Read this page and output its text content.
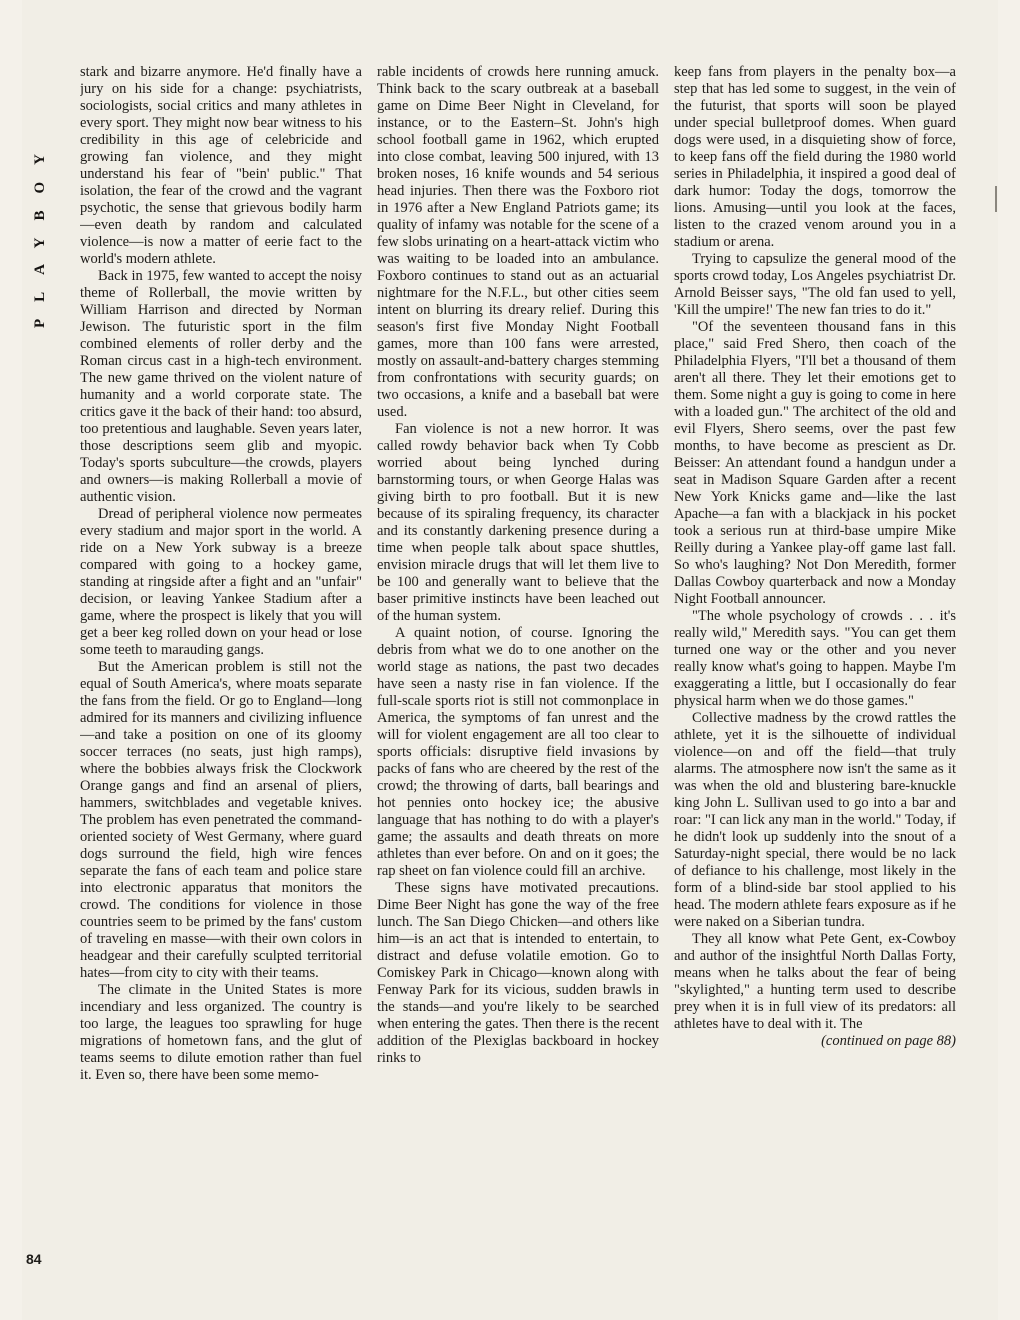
PLAYBOY

stark and bizarre anymore. He'd finally have a jury on his side for a change: psychiatrists, sociologists, social critics and many athletes in every sport. They might now bear witness to his credibility in this age of celebricide and growing fan violence, and they might understand his fear of "bein' public." That isolation, the fear of the crowd and the vagrant psychotic, the sense that grievous bodily harm—even death by random and calculated violence—is now a matter of eerie fact to the world's modern athlete.

Back in 1975, few wanted to accept the noisy theme of Rollerball, the movie written by William Harrison and directed by Norman Jewison. The futuristic sport in the film combined elements of roller derby and the Roman circus cast in a high-tech environment. The new game thrived on the violent nature of humanity and a world corporate state. The critics gave it the back of their hand: too absurd, too pretentious and laughable. Seven years later, those descriptions seem glib and myopic. Today's sports subculture—the crowds, players and owners—is making Rollerball a movie of authentic vision.

Dread of peripheral violence now permeates every stadium and major sport in the world. A ride on a New York subway is a breeze compared with going to a hockey game, standing at ringside after a fight and an "unfair" decision, or leaving Yankee Stadium after a game, where the prospect is likely that you will get a beer keg rolled down on your head or lose some teeth to marauding gangs.

But the American problem is still not the equal of South America's, where moats separate the fans from the field. Or go to England—long admired for its manners and civilizing influence—and take a position on one of its gloomy soccer terraces (no seats, just high ramps), where the bobbies always frisk the Clockwork Orange gangs and find an arsenal of pliers, hammers, switchblades and vegetable knives. The problem has even penetrated the command-oriented society of West Germany, where guard dogs surround the field, high wire fences separate the fans of each team and police stare into electronic apparatus that monitors the crowd. The conditions for violence in those countries seem to be primed by the fans' custom of traveling en masse—with their own colors in headgear and their carefully sculpted territorial hates—from city to city with their teams.

The climate in the United States is more incendiary and less organized. The country is too large, the leagues too sprawling for huge migrations of hometown fans, and the glut of teams seems to dilute emotion rather than fuel it. Even so, there have been some memo-

rable incidents of crowds here running amuck. Think back to the scary outbreak at a baseball game on Dime Beer Night in Cleveland, for instance, or to the Eastern–St. John's high school football game in 1962, which erupted into close combat, leaving 500 injured, with 13 broken noses, 16 knife wounds and 54 serious head injuries. Then there was the Foxboro riot in 1976 after a New England Patriots game; its quality of infamy was notable for the scene of a few slobs urinating on a heart-attack victim who was waiting to be loaded into an ambulance. Foxboro continues to stand out as an actuarial nightmare for the N.F.L., but other cities seem intent on blurring its dreary relief. During this season's first five Monday Night Football games, more than 100 fans were arrested, mostly on assault-and-battery charges stemming from confrontations with security guards; on two occasions, a knife and a baseball bat were used.

Fan violence is not a new horror. It was called rowdy behavior back when Ty Cobb worried about being lynched during barnstorming tours, or when George Halas was giving birth to pro football. But it is new because of its spiraling frequency, its character and its constantly darkening presence during a time when people talk about space shuttles, envision miracle drugs that will let them live to be 100 and generally want to believe that the baser primitive instincts have been leached out of the human system.

A quaint notion, of course. Ignoring the debris from what we do to one another on the world stage as nations, the past two decades have seen a nasty rise in fan violence. If the full-scale sports riot is still not commonplace in America, the symptoms of fan unrest and the will for violent engagement are all too clear to sports officials: disruptive field invasions by packs of fans who are cheered by the rest of the crowd; the throwing of darts, ball bearings and hot pennies onto hockey ice; the abusive language that has nothing to do with a player's game; the assaults and death threats on more athletes than ever before. On and on it goes; the rap sheet on fan violence could fill an archive.

These signs have motivated precautions. Dime Beer Night has gone the way of the free lunch. The San Diego Chicken—and others like him—is an act that is intended to entertain, to distract and defuse volatile emotion. Go to Comiskey Park in Chicago—known along with Fenway Park for its vicious, sudden brawls in the stands—and you're likely to be searched when entering the gates. Then there is the recent addition of the Plexiglas backboard in hockey rinks to

keep fans from players in the penalty box—a step that has led some to suggest, in the vein of the futurist, that sports will soon be played under special bulletproof domes. When guard dogs were used, in a disquieting show of force, to keep fans off the field during the 1980 world series in Philadelphia, it inspired a good deal of dark humor: Today the dogs, tomorrow the lions. Amusing—until you look at the faces, listen to the crazed venom around you in a stadium or arena.

Trying to capsulize the general mood of the sports crowd today, Los Angeles psychiatrist Dr. Arnold Beisser says, "The old fan used to yell, 'Kill the umpire!' The new fan tries to do it."

"Of the seventeen thousand fans in this place," said Fred Shero, then coach of the Philadelphia Flyers, "I'll bet a thousand of them aren't all there. They let their emotions get to them. Some night a guy is going to come in here with a loaded gun." The architect of the old and evil Flyers, Shero seems, over the past few months, to have become as prescient as Dr. Beisser: An attendant found a handgun under a seat in Madison Square Garden after a recent New York Knicks game and—like the last Apache—a fan with a blackjack in his pocket took a serious run at third-base umpire Mike Reilly during a Yankee play-off game last fall. So who's laughing? Not Don Meredith, former Dallas Cowboy quarterback and now a Monday Night Football announcer.

"The whole psychology of crowds . . . it's really wild," Meredith says. "You can get them turned one way or the other and you never really know what's going to happen. Maybe I'm exaggerating a little, but I occasionally do fear physical harm when we do those games."

Collective madness by the crowd rattles the athlete, yet it is the silhouette of individual violence—on and off the field—that truly alarms. The atmosphere now isn't the same as it was when the old and blustering bare-knuckle king John L. Sullivan used to go into a bar and roar: "I can lick any man in the world." Today, if he didn't look up suddenly into the snout of a Saturday-night special, there would be no lack of defiance to his challenge, most likely in the form of a blind-side bar stool applied to his head. The modern athlete fears exposure as if he were naked on a Siberian tundra.

They all know what Pete Gent, ex-Cowboy and author of the insightful North Dallas Forty, means when he talks about the fear of being "skylighted," a hunting term used to describe prey when it is in full view of its predators: all athletes have to deal with it. The

(continued on page 88)

84
